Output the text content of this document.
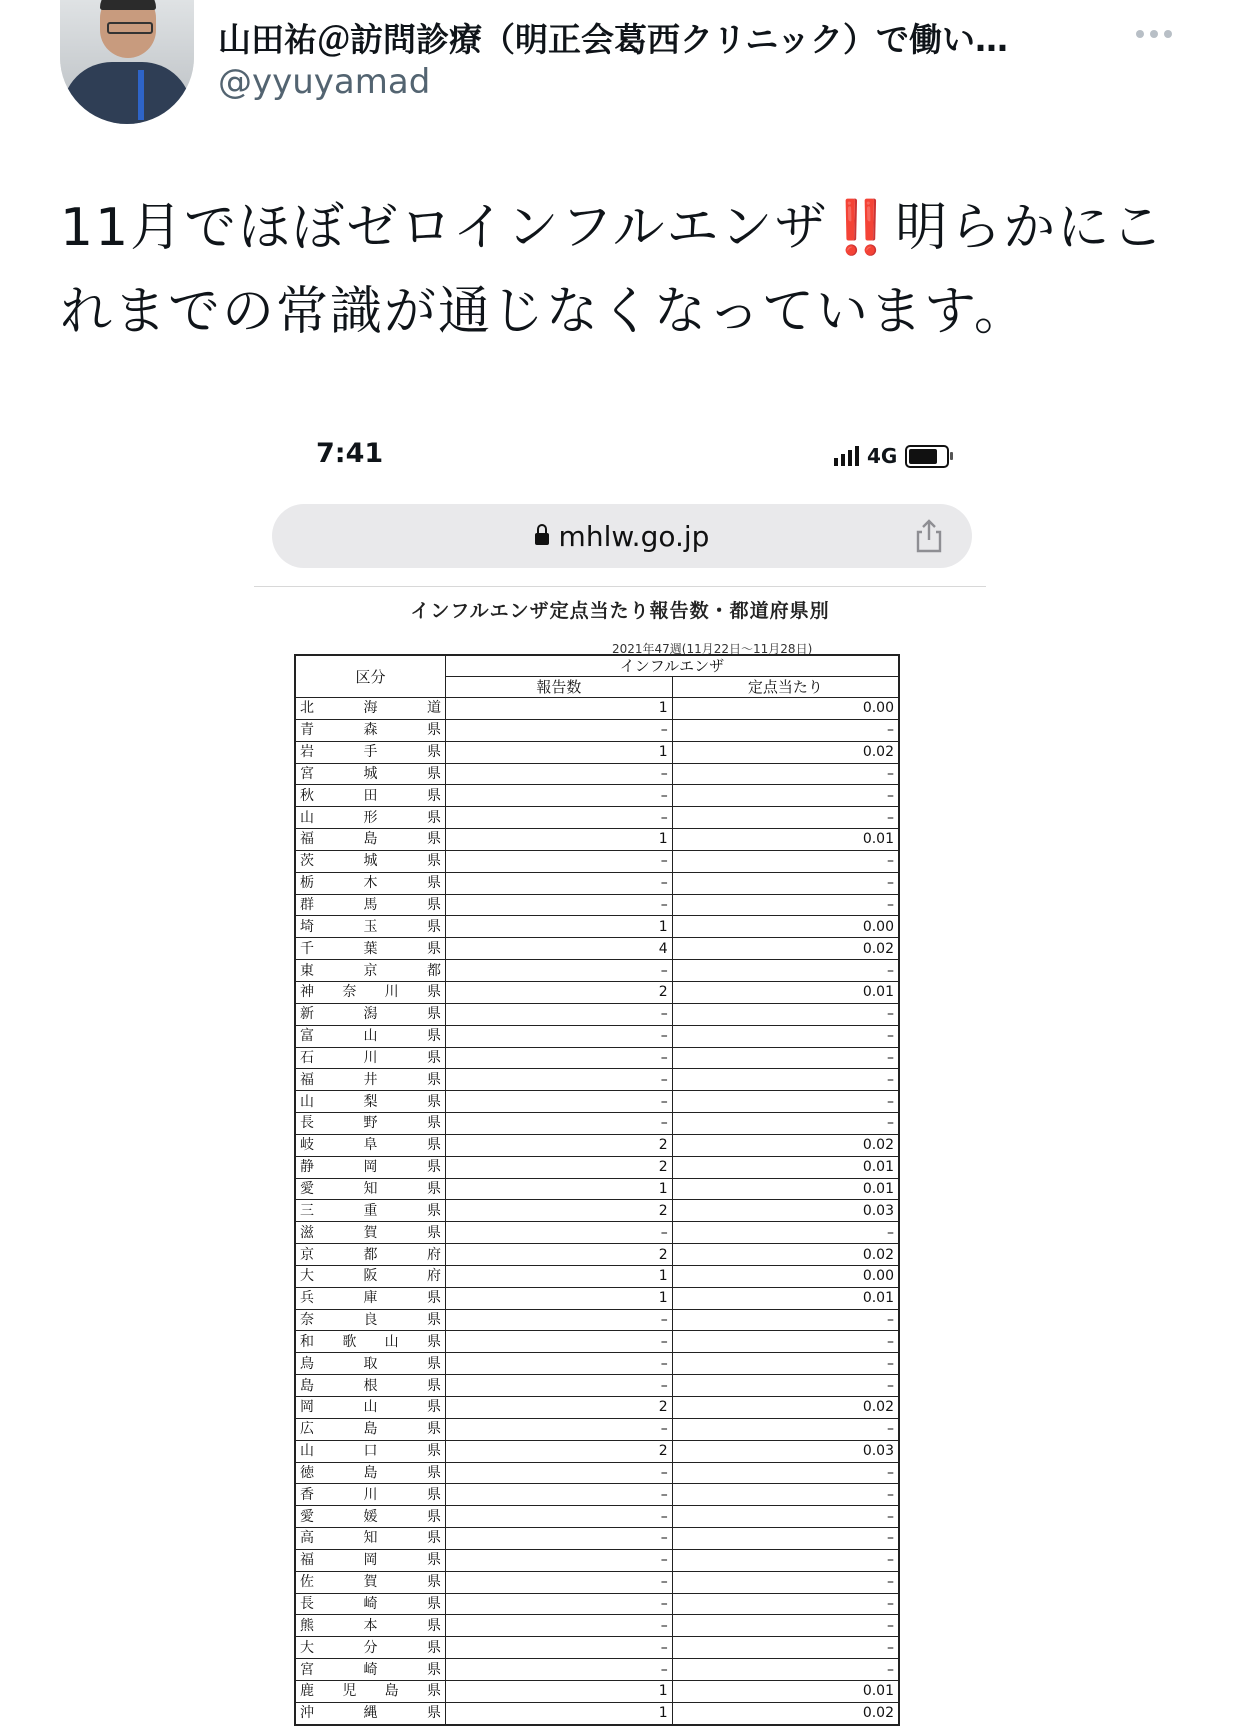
山田祐＠訪問診療（明正会葛西クリニック）で働い…
@yyuyamad
11月でほぼゼロインフルエンザ‼️明らかにこれまでの常識が通じなくなっています。
7:41	4G
mhlw.go.jp
インフルエンザ定点当たり報告数・都道府県別
2021年47週(11月22日～11月28日)
区分	インフルエンザ	
	報告数	定点当たり
北海道	1	0.00
青森県	–	–
岩手県	1	0.02
宮城県	–	–
秋田県	–	–
山形県	–	–
福島県	1	0.01
茨城県	–	–
栃木県	–	–
群馬県	–	–
埼玉県	1	0.00
千葉県	4	0.02
東京都	–	–
神奈川県	2	0.01
新潟県	–	–
富山県	–	–
石川県	–	–
福井県	–	–
山梨県	–	–
長野県	–	–
岐阜県	2	0.02
静岡県	2	0.01
愛知県	1	0.01
三重県	2	0.03
滋賀県	–	–
京都府	2	0.02
大阪府	1	0.00
兵庫県	1	0.01
奈良県	–	–
和歌山県	–	–
鳥取県	–	–
島根県	–	–
岡山県	2	0.02
広島県	–	–
山口県	2	0.03
徳島県	–	–
香川県	–	–
愛媛県	–	–
高知県	–	–
福岡県	–	–
佐賀県	–	–
長崎県	–	–
熊本県	–	–
大分県	–	–
宮崎県	–	–
鹿児島県	1	0.01
沖縄県	1	0.02
